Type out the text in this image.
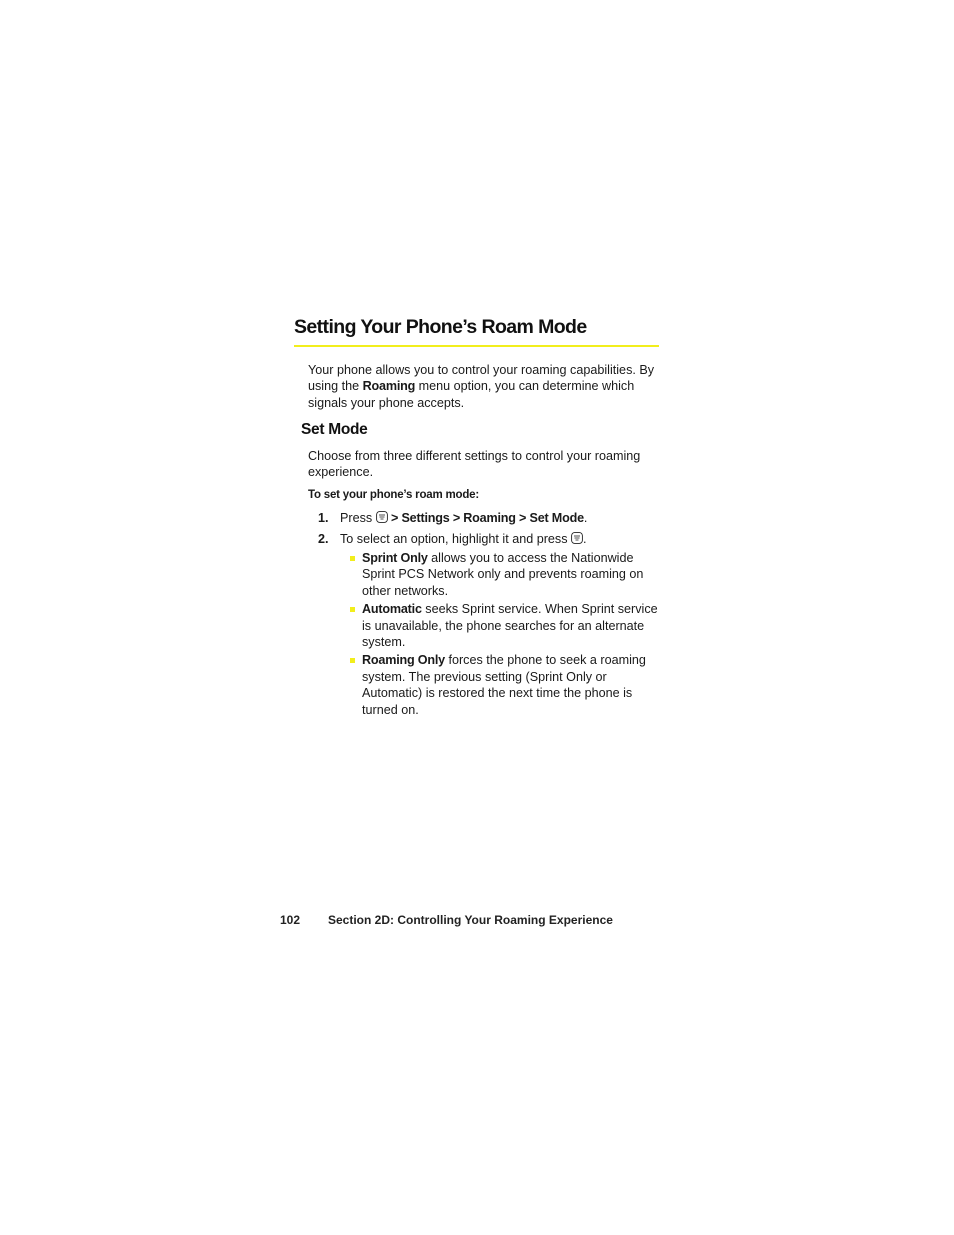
Setting Your Phone’s Roam Mode
Your phone allows you to control your roaming capabilities. By using the Roaming menu option, you can determine which signals your phone accepts.
Set Mode
Choose from three different settings to control your roaming experience.
To set your phone’s roam mode:
1. Press  > Settings > Roaming > Set Mode.
2. To select an option, highlight it and press .
Sprint Only allows you to access the Nationwide Sprint PCS Network only and prevents roaming on other networks.
Automatic seeks Sprint service. When Sprint service is unavailable, the phone searches for an alternate system.
Roaming Only forces the phone to seek a roaming system. The previous setting (Sprint Only or Automatic) is restored the next time the phone is turned on.
102 Section 2D: Controlling Your Roaming Experience
